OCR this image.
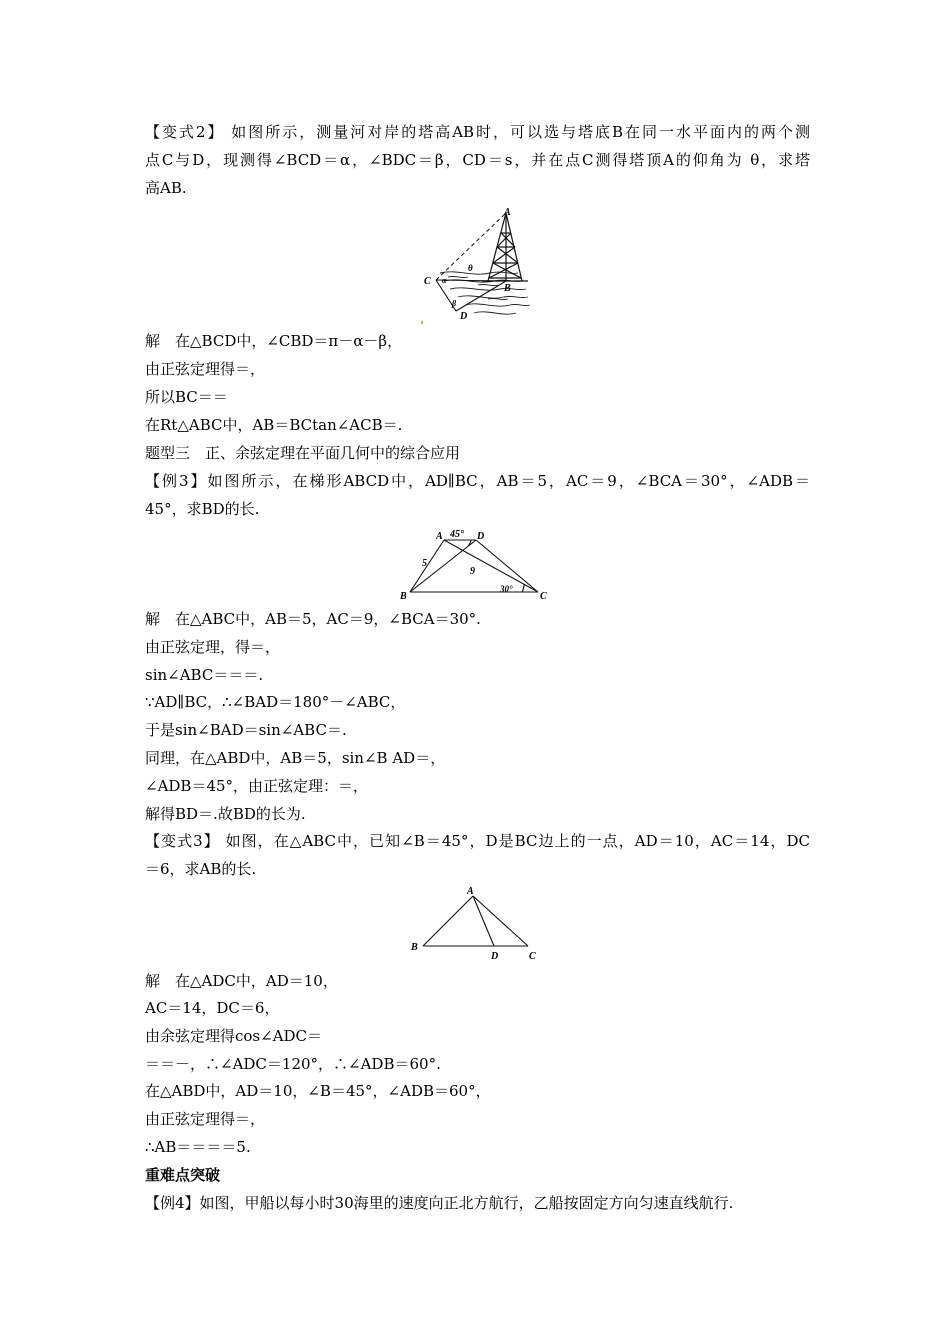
【变式2】 如图所示，测量河对岸的塔高AB时，可以选与塔底B在同一水平面内的两个测
点C与D，现测得∠BCD＝α，∠BDC＝β，CD＝s，并在点C测得塔顶A的仰角为 θ，求塔
高AB.
A
B
C
D
α
β
θ
解　在△BCD中，∠CBD＝π－α－β，
由正弦定理得＝，
所以BC＝＝
在Rt△ABC中，AB＝BCtan∠ACB＝.
题型三　正、余弦定理在平面几何中的综合应用
【例3】如图所示，在梯形ABCD中，AD∥BC，AB＝5，AC＝9，∠BCA＝30°，∠ADB＝
45°，求BD的长.
A	D
B	C
45°
30°
5
9
解　在△ABC中，AB＝5，AC＝9，∠BCA＝30°.
由正弦定理，得＝，
sin∠ABC＝＝＝.
∵AD∥BC，∴∠BAD＝180°－∠ABC，
于是sin∠BAD＝sin∠ABC＝.
同理，在△ABD中，AB＝5，sin∠B AD＝，
∠ADB＝45°，由正弦定理：＝，
解得BD＝.故BD的长为.
【变式3】 如图，在△ABC中，已知∠B＝45°，D是BC边上的一点，AD＝10，AC＝14，DC
＝6，求AB的长.
A
B
D	C
解　在△ADC中，AD＝10，
AC＝14，DC＝6，
由余弦定理得cos∠ADC＝
＝＝－，∴∠ADC＝120°，∴∠ADB＝60°.
在△ABD中，AD＝10，∠B＝45°，∠ADB＝60°，
由正弦定理得＝，
∴AB＝＝＝＝5.
重难点突破
【例4】如图，甲船以每小时30海里的速度向正北方航行，乙船按固定方向匀速直线航行.
